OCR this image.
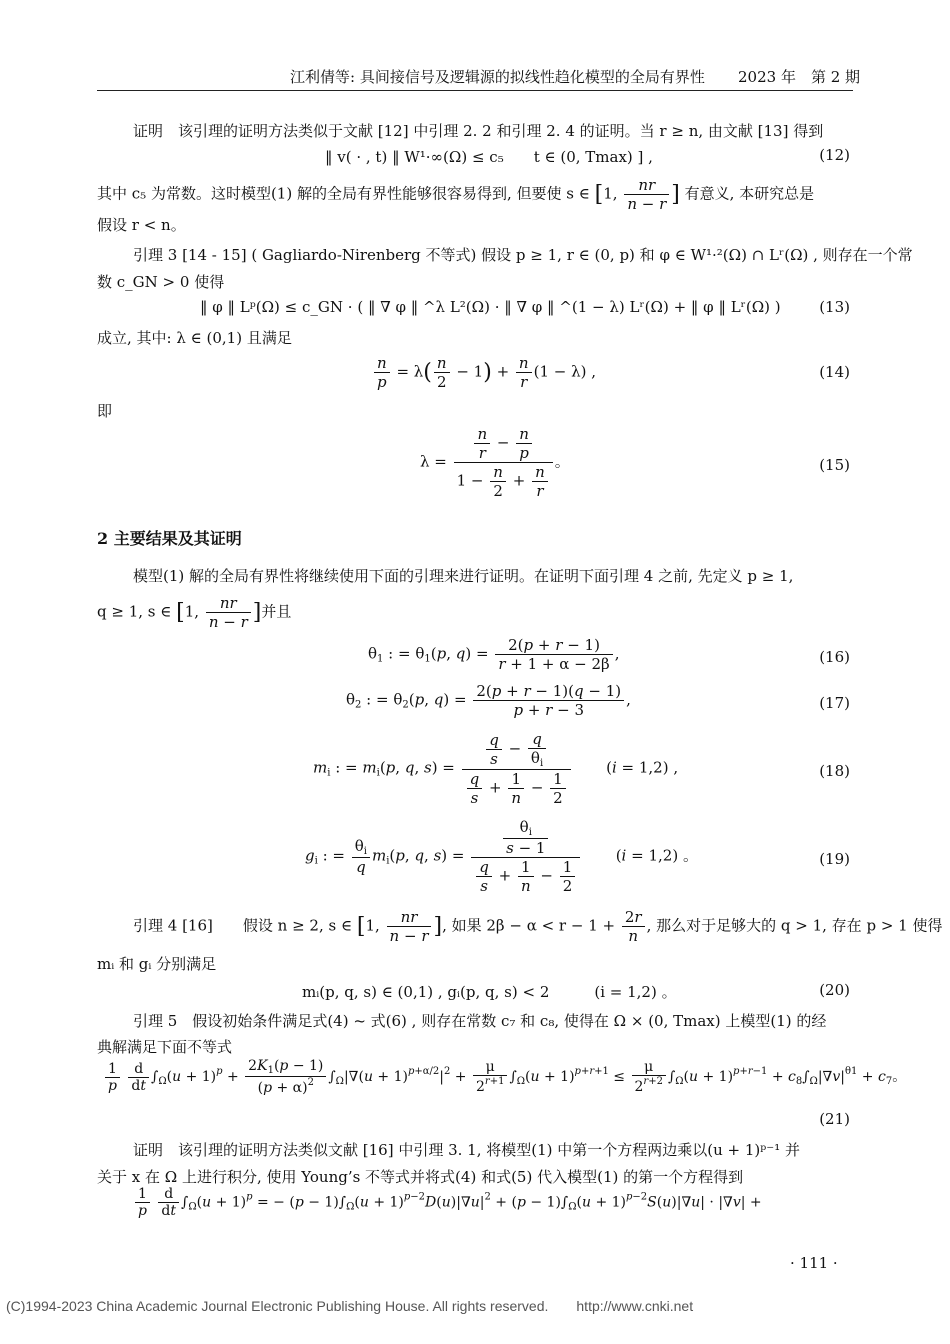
江利倩等: 具间接信号及逻辑源的拟线性趋化模型的全局有界性 2023 年　第 2 期
证明　该引理的证明方法类似于文献 [12] 中引理 2. 2 和引理 2. 4 的证明。当 r ≥ n, 由文献 [13] 得到
‖ v( · , t) ‖ W¹·∞(Ω) ≤ c₅　　t ∈ (0, Tmax) ] ,	(12)
其中 c₅ 为常数。这时模型(1) 解的全局有界性能够很容易得到, 但要使 s ∈ [1, $\frac{nr}{n - r}$ ] 有意义, 本研究总是
假设 r < n。
引理 3 [14 - 15] ( Gagliardo-Nirenberg 不等式) 假设 p ≥ 1, r ∈ (0, p) 和 φ ∈ W¹·²(Ω) ∩ Lʳ(Ω) , 则存在一个常
数 c_GN > 0 使得
‖ φ ‖ Lᵖ(Ω) ≤ c_GN · ( ‖ ∇ φ ‖ ^λ L²(Ω) · ‖ ∇ φ ‖ ^(1 − λ) Lʳ(Ω) + ‖ φ ‖ Lʳ(Ω) )	(13)
成立, 其中: λ ∈ (0,1) 且满足
$\frac{n}{p} = \lambda( \frac{n}{2} - 1) + \frac{n}{r} (1 - \lambda)$ ,	(14)
即
$\lambda = \frac{\frac{n}{r} - \frac{n}{p}}{1 - \frac{n}{2} + \frac{n}{r}}$ 。	(15)
2 主要结果及其证明
模型(1) 解的全局有界性将继续使用下面的引理来进行证明。在证明下面引理 4 之前, 先定义 p ≥ 1,
q ≥ 1, s ∈ [1, $\frac{nr}{n - r}$ ]并且
$\theta_1$ : = $\theta_1(p$, $q) = \frac{2(p + r - 1)}{r + 1 + \alpha - 2\beta}$ ,	(16)
$\theta_2$ : = $\theta_2(p$, $q) = \frac{2(p + r - 1)(q - 1)}{p + r - 3}$ ,	(17)
$m_i$ : = $m_i(p$, q, $s) = \frac{\frac{q}{s} - \frac{q}{\theta_i}}{\frac{q}{s} + \frac{1}{n} - \frac{1}{2}} (i = 1,2)$ ,	(18)
$g_i$ : = $\frac{\theta_i}{q} m_i(p$, q, $s) = \frac{\frac{\theta_i}{s - 1}}{\frac{q}{s} + \frac{1}{n} - \frac{1}{2}} (i = 1,2)$ 。	(19)
引理 4 [16]　　假设 n ≥ 2, s ∈ [1, $\frac{nr}{n - r}$ ], 如果 $2\beta - \alpha < r - 1 + \frac{2r}{n}$ , 那么对于足够大的 q > 1, 存在 p > 1 使得
mᵢ 和 gᵢ 分别满足
mᵢ(p, q, s) ∈ (0,1) , gᵢ(p, q, s) < 2　　　(i = 1,2) 。	(20)
引理 5　假设初始条件满足式(4) ~ 式(6) , 则存在常数 c₇ 和 c₈, 使得在 Ω × (0, Tmax) 上模型(1) 的经
典解满足下面不等式
$\frac{1}{p}$
$\frac{d}{dt} \int_\Omega(u + 1)^p + \frac{2K_1(p - 1)}{(p + \alpha)^2} \int_\Omega|\nabla(u + 1)^{p+\alpha/2}|^2 + \frac{\mu}{2^{r+1}} \int_\Omega(u + 1)^{p+r+1} \le \frac{\mu}{2^{r+2}} \int_\Omega(u + 1)^{p+r-1} + c_8\int_\Omega|\nabla v|^{\theta 1} + c_7$。
(21)
证明　该引理的证明方法类似文献 [16] 中引理 3. 1, 将模型(1) 中第一个方程两边乘以(u + 1)ᵖ⁻¹ 并
关于 x 在 Ω 上进行积分, 使用 Young’s 不等式并将式(4) 和式(5) 代入模型(1) 的第一个方程得到
$\frac{1}{p}$
$\frac{d}{dt} \int_\Omega(u + 1)^p$ = − $(p - 1)\int_\Omega(u + 1)^{p-2}D(u)|\nabla u|^2 + (p - 1)\int_\Omega(u + 1)^{p-2}S(u)|\nabla u| \cdot |\nabla v|$ +
· 111 ·
(C)1994-2023 China Academic Journal Electronic Publishing House. All rights reserved.　　http://www.cnki.net
